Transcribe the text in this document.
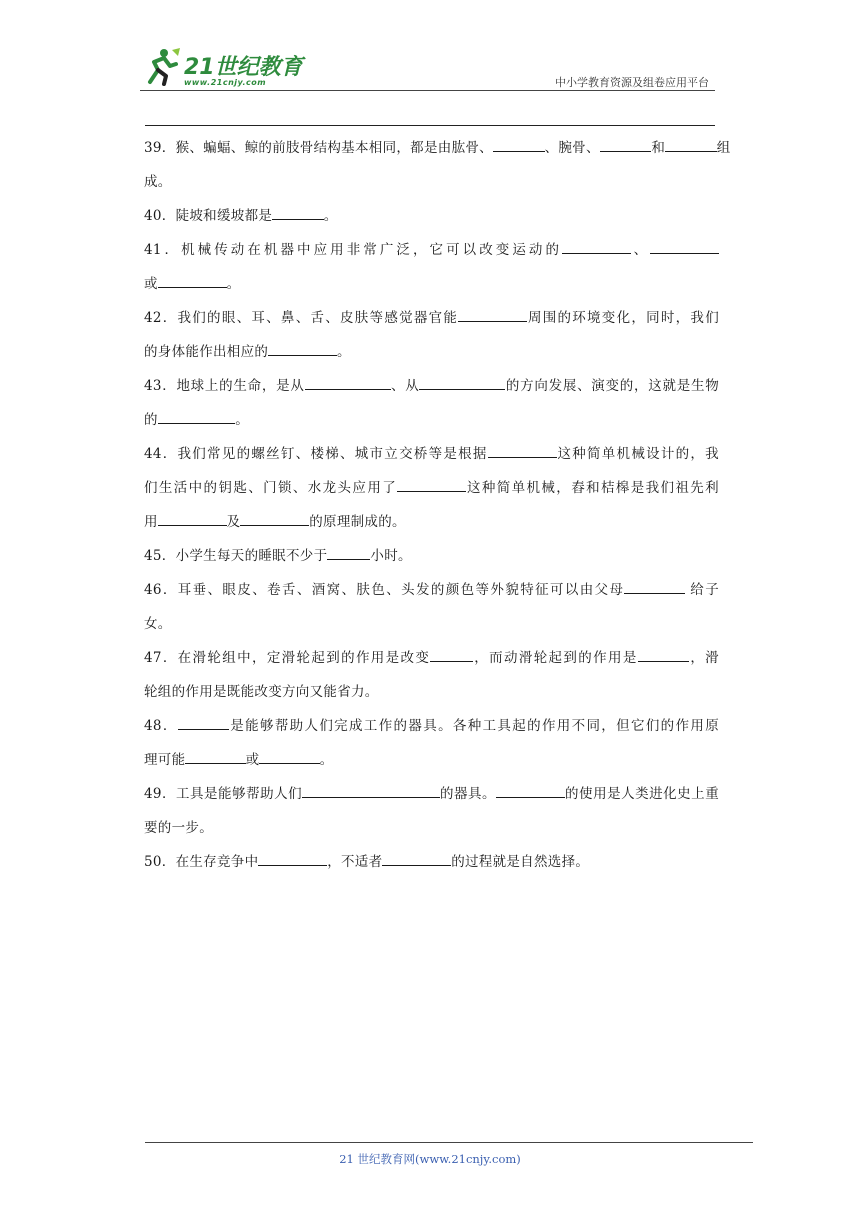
21世纪教育
www.21cnjy.com	中小学教育资源及组卷应用平台
39．猴、蝙蝠、鲸的前肢骨结构基本相同，都是由肱骨、	、腕骨、	和	组
成。
40．陡坡和缓坡都是	。
41．机械传动在机器中应用非常广泛，它可以改变运动的	、
或	。
42．我们的眼、耳、鼻、舌、皮肤等感觉器官能	周围的环境变化，同时，我们
的身体能作出相应的	。
43．地球上的生命，是从	、从	的方向发展、演变的，这就是生物
的	。
44．我们常见的螺丝钉、楼梯、城市立交桥等是根据	这种简单机械设计的，我
们生活中的钥匙、门锁、水龙头应用了	这种简单机械，舂和桔槔是我们祖先利
用	及	的原理制成的。
45．小学生每天的睡眠不少于	小时。
46．耳垂、眼皮、卷舌、酒窝、肤色、头发的颜色等外貌特征可以由父母	给子
女。
47．在滑轮组中，定滑轮起到的作用是改变	，而动滑轮起到的作用是	，滑
轮组的作用是既能改变方向又能省力。
48．	是能够帮助人们完成工作的器具。各种工具起的作用不同，但它们的作用原
理可能	或	。
49．工具是能够帮助人们	的器具。	的使用是人类进化史上重
要的一步。
50．在生存竞争中	，不适者	的过程就是自然选择。
21 世纪教育网(www.21cnjy.com)
